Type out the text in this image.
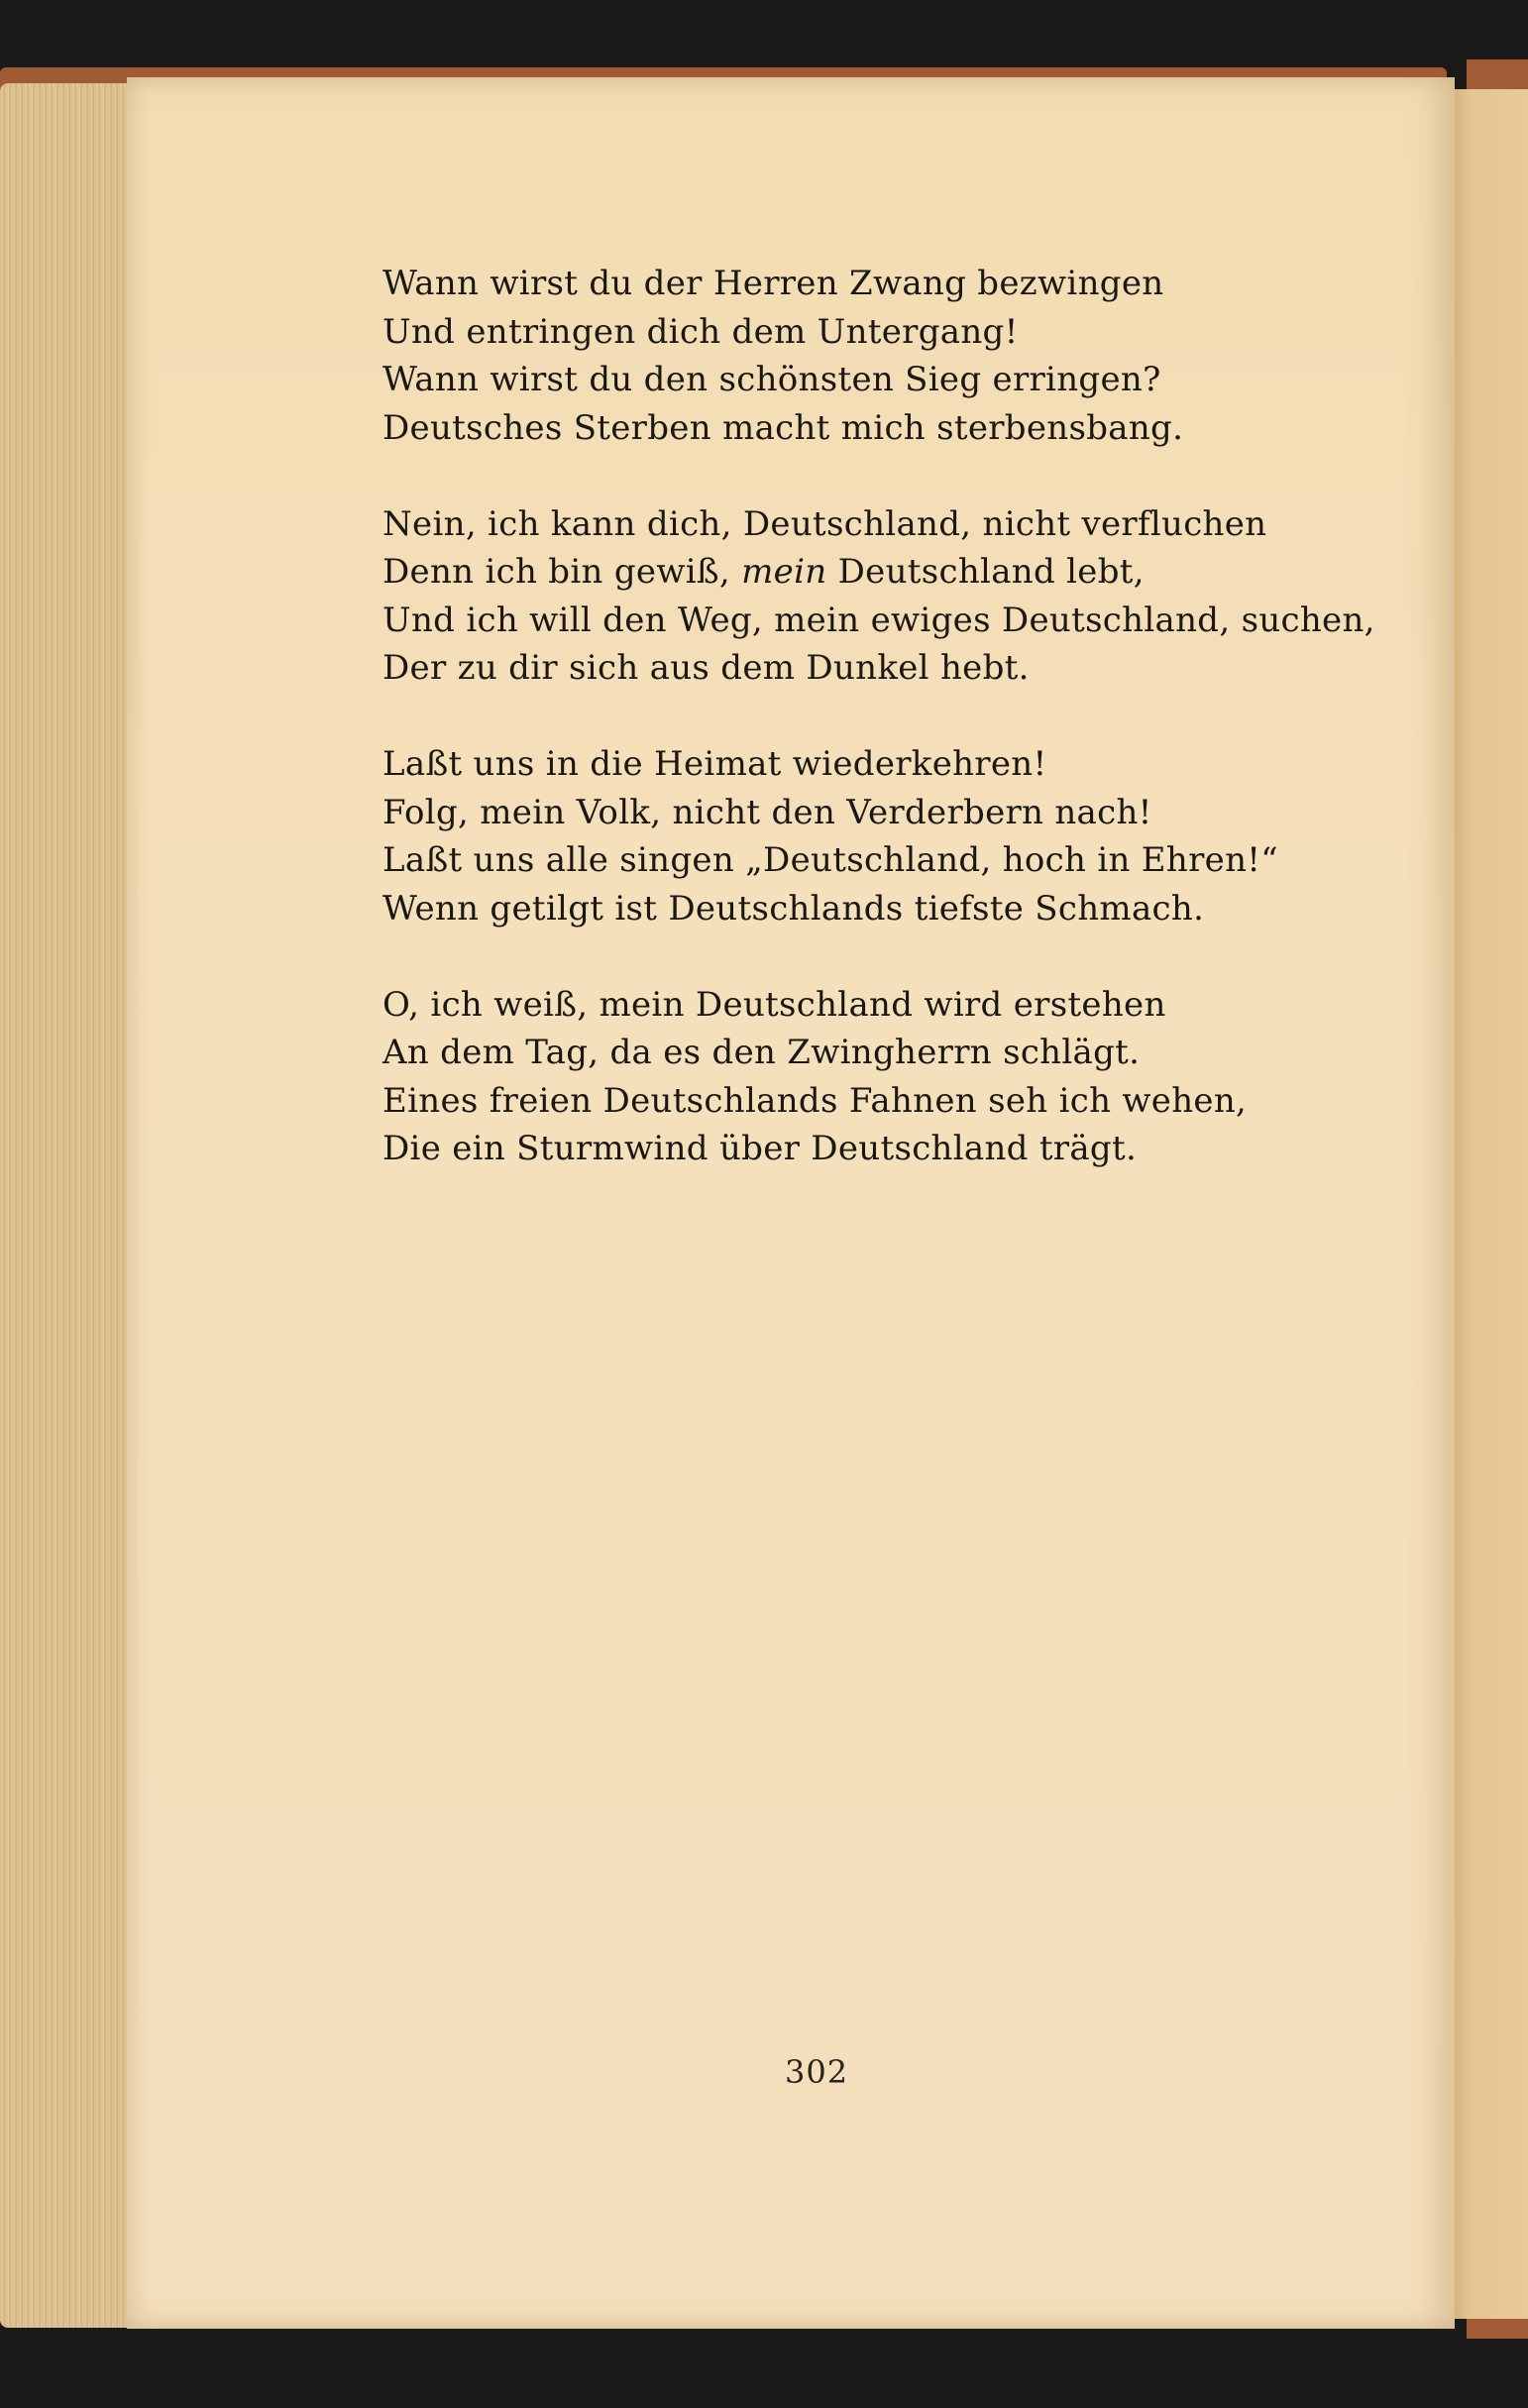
Wann wirst du der Herren Zwang bezwingen
Und entringen dich dem Untergang!
Wann wirst du den schönsten Sieg erringen?
Deutsches Sterben macht mich sterbensbang.
Nein, ich kann dich, Deutschland, nicht verfluchen
Denn ich bin gewiß, mein Deutschland lebt,
Und ich will den Weg, mein ewiges Deutschland, suchen,
Der zu dir sich aus dem Dunkel hebt.
Laßt uns in die Heimat wiederkehren!
Folg, mein Volk, nicht den Verderbern nach!
Laßt uns alle singen „Deutschland, hoch in Ehren!“
Wenn getilgt ist Deutschlands tiefste Schmach.
O, ich weiß, mein Deutschland wird erstehen
An dem Tag, da es den Zwingherrn schlägt.
Eines freien Deutschlands Fahnen seh ich wehen,
Die ein Sturmwind über Deutschland trägt.
302
